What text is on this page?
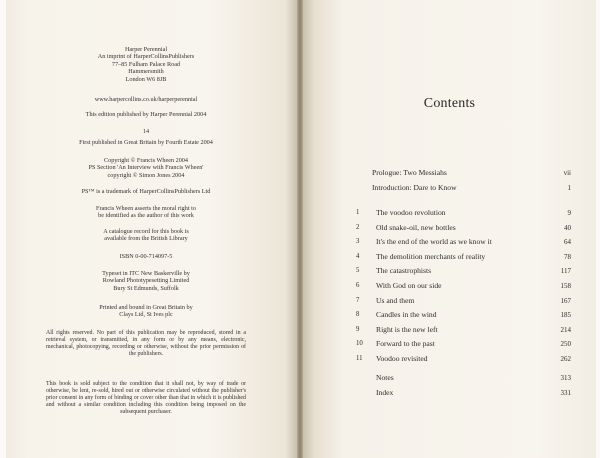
Harper Perennial

An imprint of HarperCollinsPublishers

77–85 Fulham Palace Road

Hammersmith

London W6 8JB

www.harpercollins.co.uk/harperperennial

This edition published by Harper Perennial 2004

14

First published in Great Britain by Fourth Estate 2004

Copyright © Francis Wheen 2004

PS Section 'An Interview with Francis Wheen'

copyright © Simon Jones 2004

PS™ is a trademark of HarperCollinsPublishers Ltd

Francis Wheen asserts the moral right to

be identified as the author of this work

A catalogue record for this book is

available from the British Library

ISBN 0-00-714097-5

Typeset in ITC New Baskerville by

Rowland Phototypesetting Limited

Bury St Edmunds, Suffolk

Printed and bound in Great Britain by

Clays Ltd, St Ives plc

All rights reserved. No part of this publication may be reproduced, stored in a retrieval system, or transmitted, in any form or by any means, electronic, mechanical, photocopying, recording or otherwise, without the prior permission of the publishers.

This book is sold subject to the condition that it shall not, by way of trade or otherwise, be lent, re-sold, hired out or otherwise circulated without the publisher's prior consent in any form of binding or cover other than that in which it is published and without a similar condition including this condition being imposed on the subsequent purchaser.

Contents
Prologue: Two Messiahs	vii
Introduction: Dare to Know	1
1	The voodoo revolution	9
2	Old snake-oil, new bottles	40
3	It's the end of the world as we know it	64
4	The demolition merchants of reality	78
5	The catastrophists	117
6	With God on our side	158
7	Us and them	167
8	Candles in the wind	185
9	Right is the new left	214
10	Forward to the past	250
11	Voodoo revisited	262
Notes	313
Index	331
